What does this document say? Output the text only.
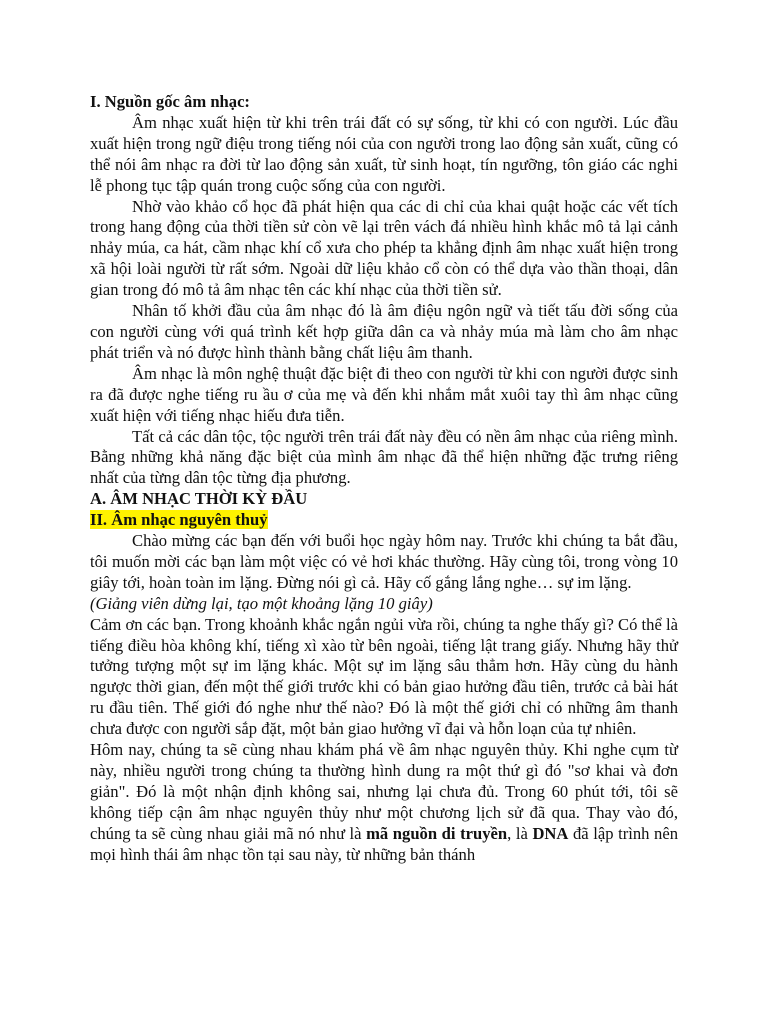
I. Nguồn gốc âm nhạc:

Âm nhạc xuất hiện từ khi trên trái đất có sự sống, từ khi có con người. Lúc đầu xuất hiện trong ngữ điệu trong tiếng nói của con người trong lao động sản xuất, cũng có thể nói âm nhạc ra đời từ lao động sản xuất, từ sinh hoạt, tín ngưỡng, tôn giáo các nghi lễ phong tục tập quán trong cuộc sống của con người.

Nhờ vào khảo cổ học đã phát hiện qua các di chỉ của khai quật hoặc các vết tích trong hang động của thời tiền sử còn vẽ lại trên vách đá nhiều hình khắc mô tả lại cảnh nhảy múa, ca hát, cầm nhạc khí cổ xưa cho phép ta khẳng định âm nhạc xuất hiện trong xã hội loài người từ rất sớm. Ngoài dữ liệu khảo cổ còn có thể dựa vào thần thoại, dân gian trong đó mô tả âm nhạc tên các khí nhạc của thời tiền sử.

Nhân tố khởi đầu của âm nhạc đó là âm điệu ngôn ngữ và tiết tấu đời sống của con người cùng với quá trình kết hợp giữa dân ca và nhảy múa mà làm cho âm nhạc phát triển và nó được hình thành bằng chất liệu âm thanh.

Âm nhạc là môn nghệ thuật đặc biệt đi theo con người từ khi con người được sinh ra đã được nghe tiếng ru ầu ơ của mẹ và đến khi nhắm mắt xuôi tay thì âm nhạc cũng xuất hiện với tiếng nhạc hiếu đưa tiễn.

Tất cả các dân tộc, tộc người trên trái đất này đều có nền âm nhạc của riêng mình. Bằng những khả năng đặc biệt của mình âm nhạc đã thể hiện những đặc trưng riêng nhất của từng dân tộc từng địa phương.

A. ÂM NHẠC THỜI KỲ ĐẦU

II. Âm nhạc nguyên thuỷ

Chào mừng các bạn đến với buổi học ngày hôm nay. Trước khi chúng ta bắt đầu, tôi muốn mời các bạn làm một việc có vẻ hơi khác thường. Hãy cùng tôi, trong vòng 10 giây tới, hoàn toàn im lặng. Đừng nói gì cả. Hãy cố gắng lắng nghe… sự im lặng.

(Giảng viên dừng lại, tạo một khoảng lặng 10 giây)

Cảm ơn các bạn. Trong khoảnh khắc ngắn ngủi vừa rồi, chúng ta nghe thấy gì? Có thể là tiếng điều hòa không khí, tiếng xì xào từ bên ngoài, tiếng lật trang giấy. Nhưng hãy thử tưởng tượng một sự im lặng khác. Một sự im lặng sâu thẳm hơn. Hãy cùng du hành ngược thời gian, đến một thế giới trước khi có bản giao hưởng đầu tiên, trước cả bài hát ru đầu tiên. Thế giới đó nghe như thế nào? Đó là một thế giới chỉ có những âm thanh chưa được con người sắp đặt, một bản giao hưởng vĩ đại và hỗn loạn của tự nhiên.

Hôm nay, chúng ta sẽ cùng nhau khám phá về âm nhạc nguyên thủy. Khi nghe cụm từ này, nhiều người trong chúng ta thường hình dung ra một thứ gì đó "sơ khai và đơn giản". Đó là một nhận định không sai, nhưng lại chưa đủ. Trong 60 phút tới, tôi sẽ không tiếp cận âm nhạc nguyên thủy như một chương lịch sử đã qua. Thay vào đó, chúng ta sẽ cùng nhau giải mã nó như là mã nguồn di truyền, là DNA đã lập trình nên mọi hình thái âm nhạc tồn tại sau này, từ những bản thánh
